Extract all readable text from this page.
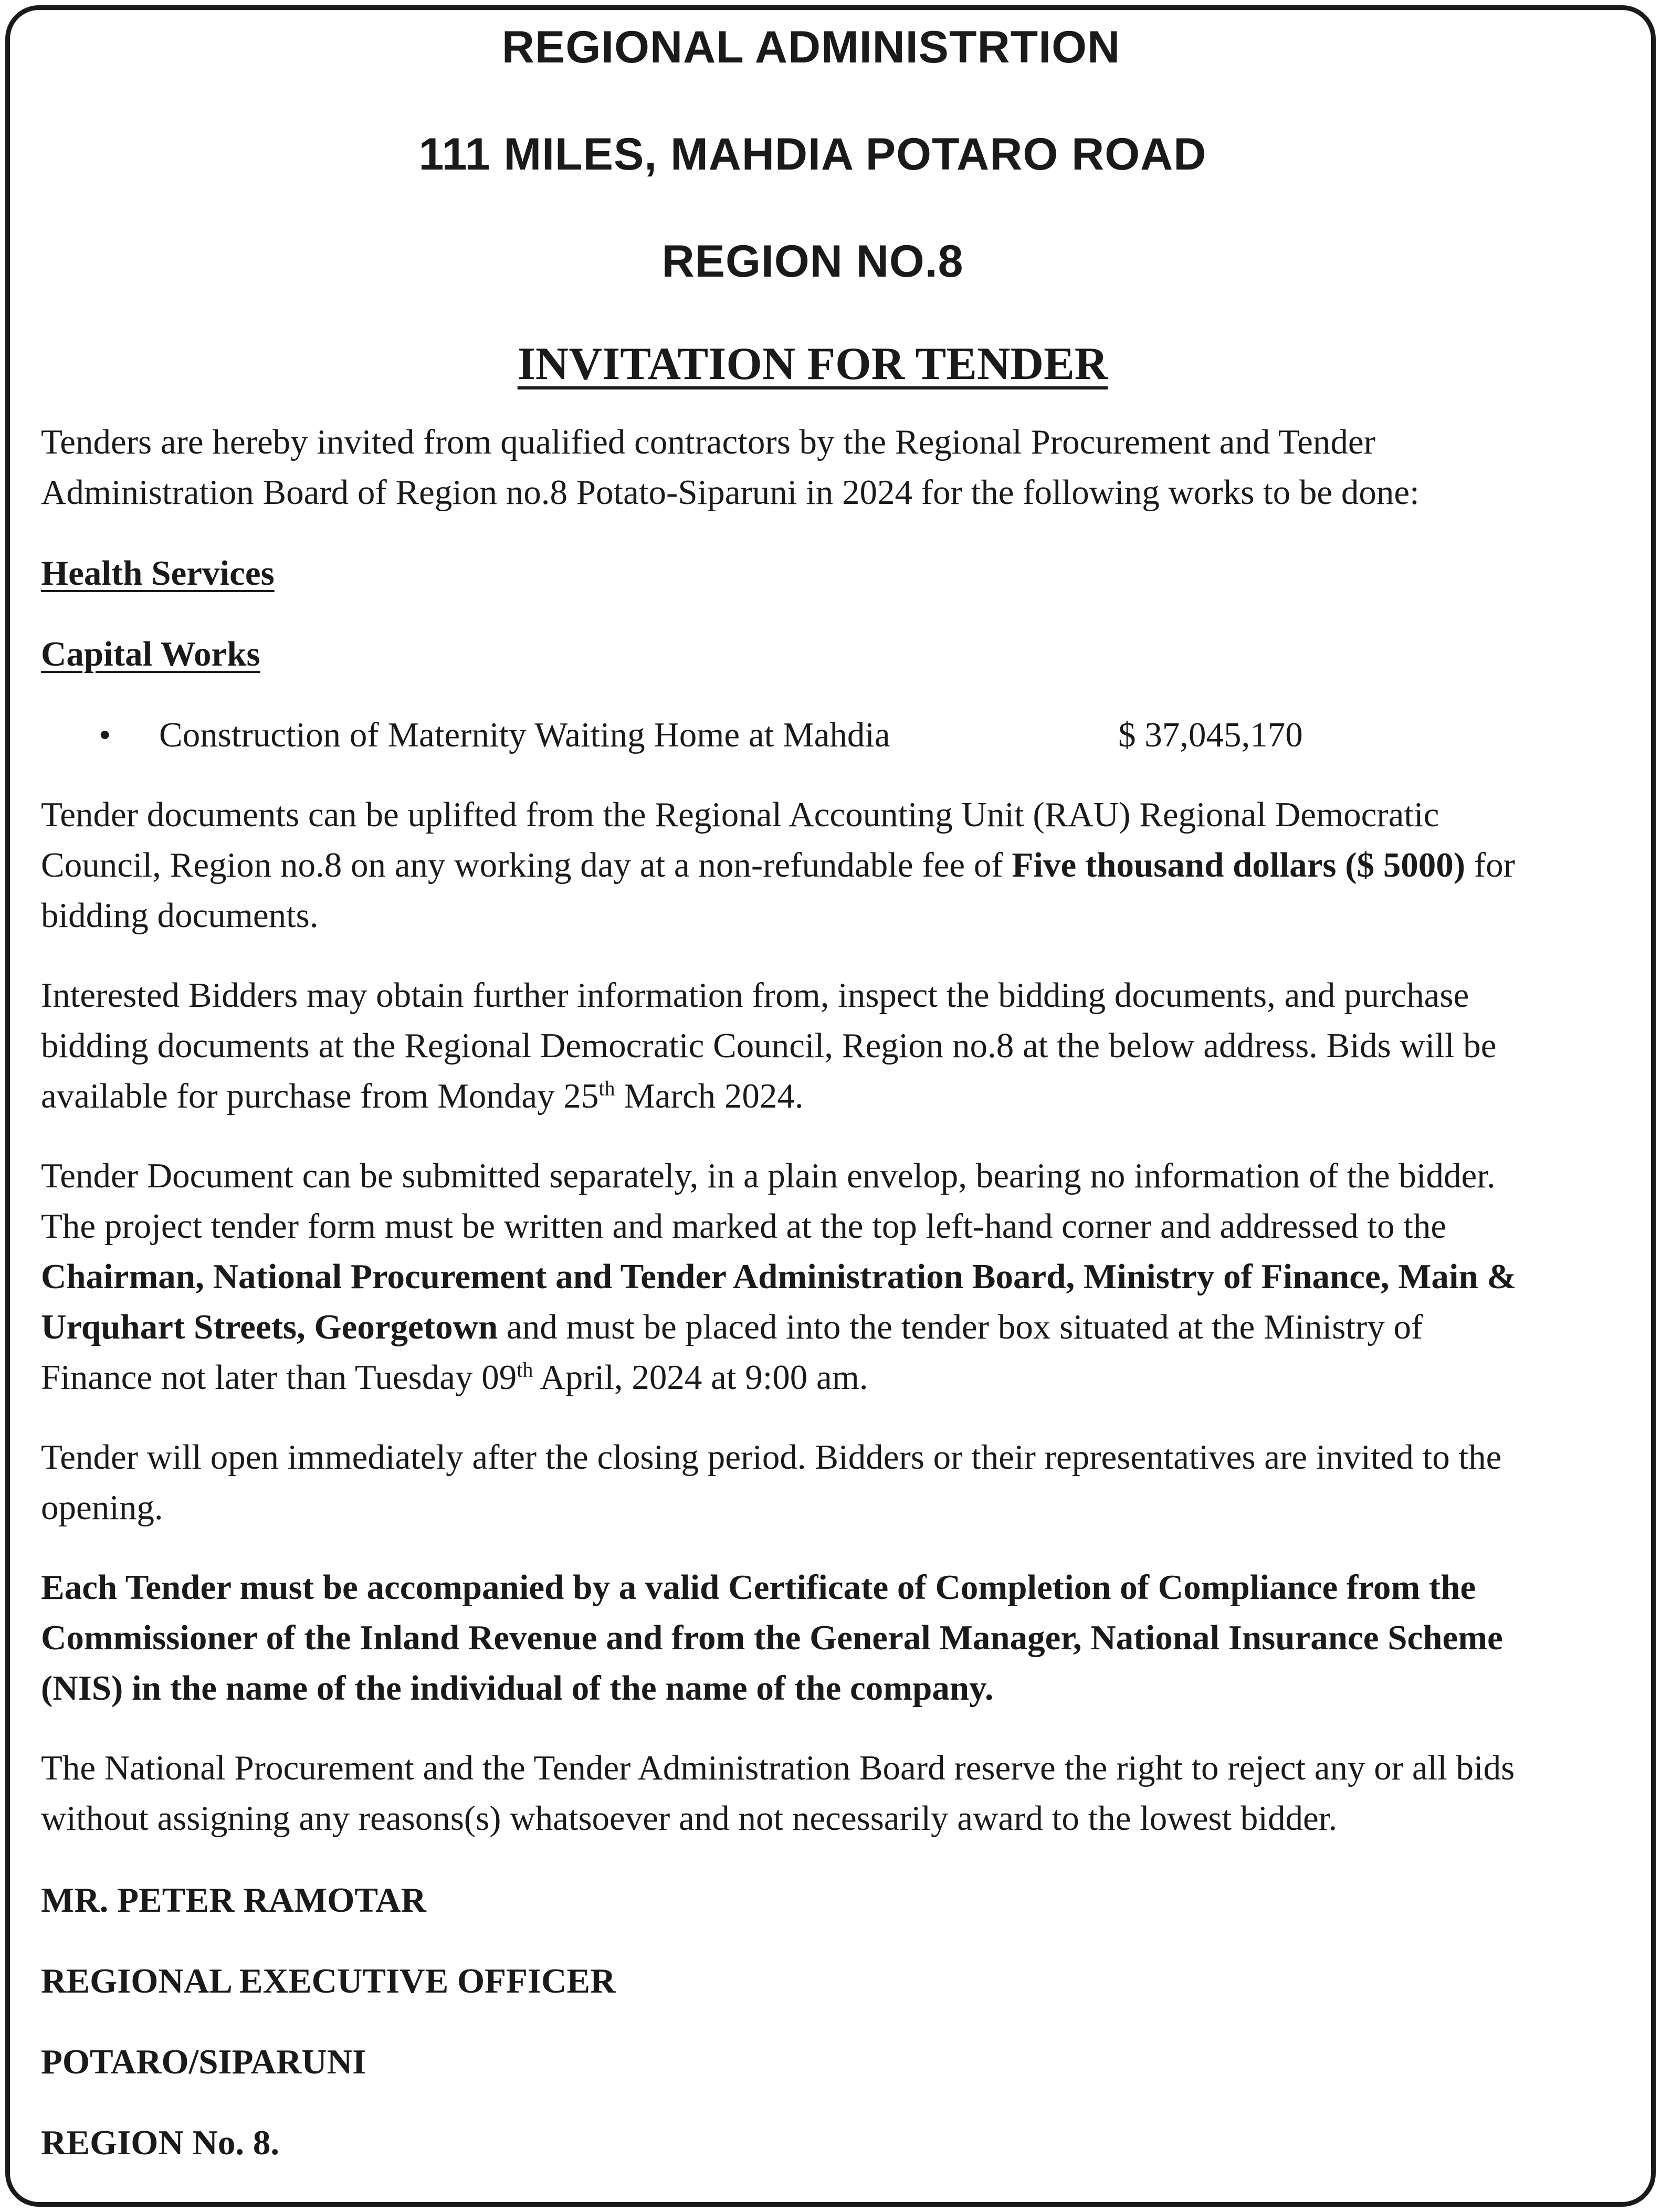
REGIONAL ADMINISTRTION
111 MILES, MAHDIA POTARO ROAD
REGION NO.8
INVITATION FOR TENDER
Tenders are hereby invited from qualified contractors by the Regional Procurement and Tender
Administration Board of Region no.8 Potato-Siparuni in 2024 for the following works to be done:
Health Services
Capital Works
• Construction of Maternity Waiting Home at Mahdia	$ 37,045,170
Tender documents can be uplifted from the Regional Accounting Unit (RAU) Regional Democratic
Council, Region no.8 on any working day at a non-refundable fee of Five thousand dollars ($ 5000) for
bidding documents.
Interested Bidders may obtain further information from, inspect the bidding documents, and purchase
bidding documents at the Regional Democratic Council, Region no.8 at the below address. Bids will be
available for purchase from Monday 25th March 2024.
Tender Document can be submitted separately, in a plain envelop, bearing no information of the bidder.
The project tender form must be written and marked at the top left-hand corner and addressed to the
Chairman, National Procurement and Tender Administration Board, Ministry of Finance, Main &
Urquhart Streets, Georgetown and must be placed into the tender box situated at the Ministry of
Finance not later than Tuesday 09th April, 2024 at 9:00 am.
Tender will open immediately after the closing period. Bidders or their representatives are invited to the
opening.
Each Tender must be accompanied by a valid Certificate of Completion of Compliance from the
Commissioner of the Inland Revenue and from the General Manager, National Insurance Scheme
(NIS) in the name of the individual of the name of the company.
The National Procurement and the Tender Administration Board reserve the right to reject any or all bids
without assigning any reasons(s) whatsoever and not necessarily award to the lowest bidder.
MR. PETER RAMOTAR
REGIONAL EXECUTIVE OFFICER
POTARO/SIPARUNI
REGION No. 8.
